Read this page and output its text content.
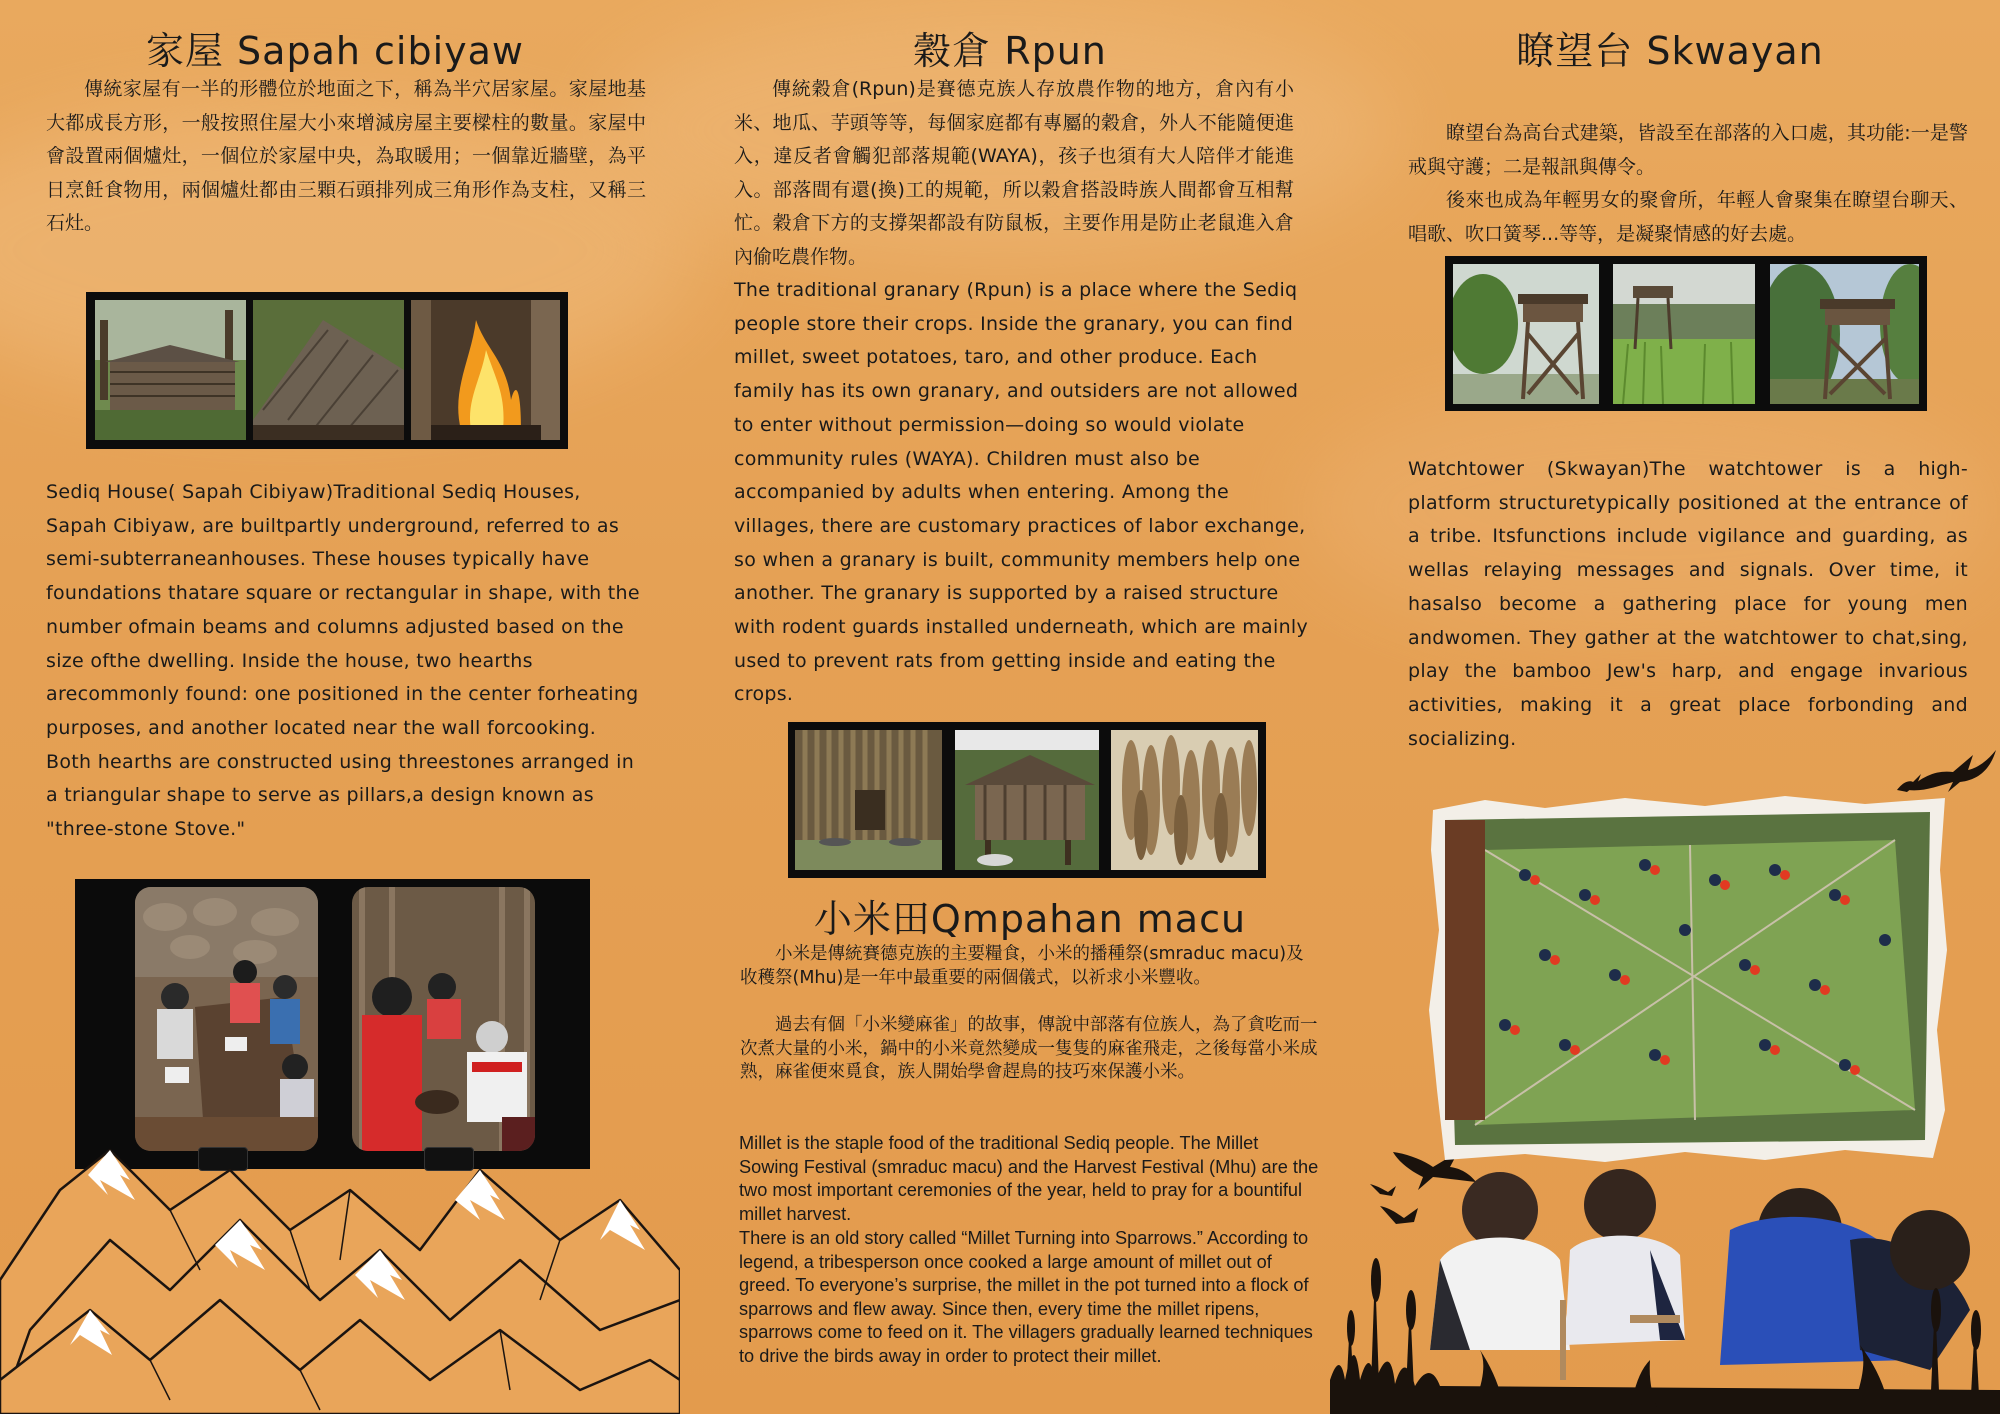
家屋 Sapah cibiyaw
傳統家屋有一半的形體位於地面之下，稱為半穴居家屋。家屋地基大都成長方形，一般按照住屋大小來增減房屋主要樑柱的數量。家屋中會設置兩個爐灶，一個位於家屋中央，為取暖用；一個靠近牆壁，為平日烹飪食物用，兩個爐灶都由三顆石頭排列成三角形作為支柱，又稱三石灶。
Sediq House( Sapah Cibiyaw)Traditional Sediq Houses, Sapah Cibiyaw, are builtpartly underground, referred to as semi-subterraneanhouses. These houses typically have foundations thatare square or rectangular in shape, with the number ofmain beams and columns adjusted based on the size ofthe dwelling. Inside the house, two hearths arecommonly found: one positioned in the center forheating purposes, and another located near the wall forcooking. Both hearths are constructed using threestones arranged in a triangular shape to serve as pillars,a design known as "three-stone Stove."
穀倉 Rpun
傳統穀倉(Rpun)是賽德克族人存放農作物的地方，倉內有小米、地瓜、芋頭等等，每個家庭都有專屬的穀倉，外人不能隨便進入，違反者會觸犯部落規範(WAYA)，孩子也須有大人陪伴才能進入。部落間有還(換)工的規範，所以穀倉搭設時族人間都會互相幫忙。穀倉下方的支撐架都設有防鼠板，主要作用是防止老鼠進入倉內偷吃農作物。
The traditional granary (Rpun) is a place where the Sediq people store their crops. Inside the granary, you can find millet, sweet potatoes, taro, and other produce. Each family has its own granary, and outsiders are not allowed to enter without permission—doing so would violate community rules (WAYA). Children must also be accompanied by adults when entering. Among the villages, there are customary practices of labor exchange, so when a granary is built, community members help one another. The granary is supported by a raised structure with rodent guards installed underneath, which are mainly used to prevent rats from getting inside and eating the crops.
小米田Qmpahan macu
小米是傳統賽德克族的主要糧食，小米的播種祭(smraduc macu)及收穫祭(Mhu)是一年中最重要的兩個儀式，以祈求小米豐收。
過去有個「小米變麻雀」的故事，傳說中部落有位族人，為了貪吃而一次煮大量的小米，鍋中的小米竟然變成一隻隻的麻雀飛走，之後每當小米成熟，麻雀便來覓食，族人開始學會趕鳥的技巧來保護小米。
Millet is the staple food of the traditional Sediq people. The Millet Sowing Festival (smraduc macu) and the Harvest Festival (Mhu) are the two most important ceremonies of the year, held to pray for a bountiful millet harvest.
There is an old story called “Millet Turning into Sparrows.” According to legend, a tribesperson once cooked a large amount of millet out of greed. To everyone’s surprise, the millet in the pot turned into a flock of sparrows and flew away. Since then, every time the millet ripens, sparrows come to feed on it. The villagers gradually learned techniques to drive the birds away in order to protect their millet.
瞭望台 Skwayan
瞭望台為高台式建築，皆設至在部落的入口處，其功能:一是警戒與守護；二是報訊與傳令。
後來也成為年輕男女的聚會所，年輕人會聚集在瞭望台聊天、唱歌、吹口簧琴...等等，是凝聚情感的好去處。
Watchtower (Skwayan)The watchtower is a high-platform structuretypically positioned at the entrance of a tribe. Itsfunctions include vigilance and guarding, as wellas relaying messages and signals. Over time, it hasalso become a gathering place for young men andwomen. They gather at the watchtower to chat,sing, play the bamboo Jew's harp, and engage invarious activities, making it a great place forbonding and socializing.
